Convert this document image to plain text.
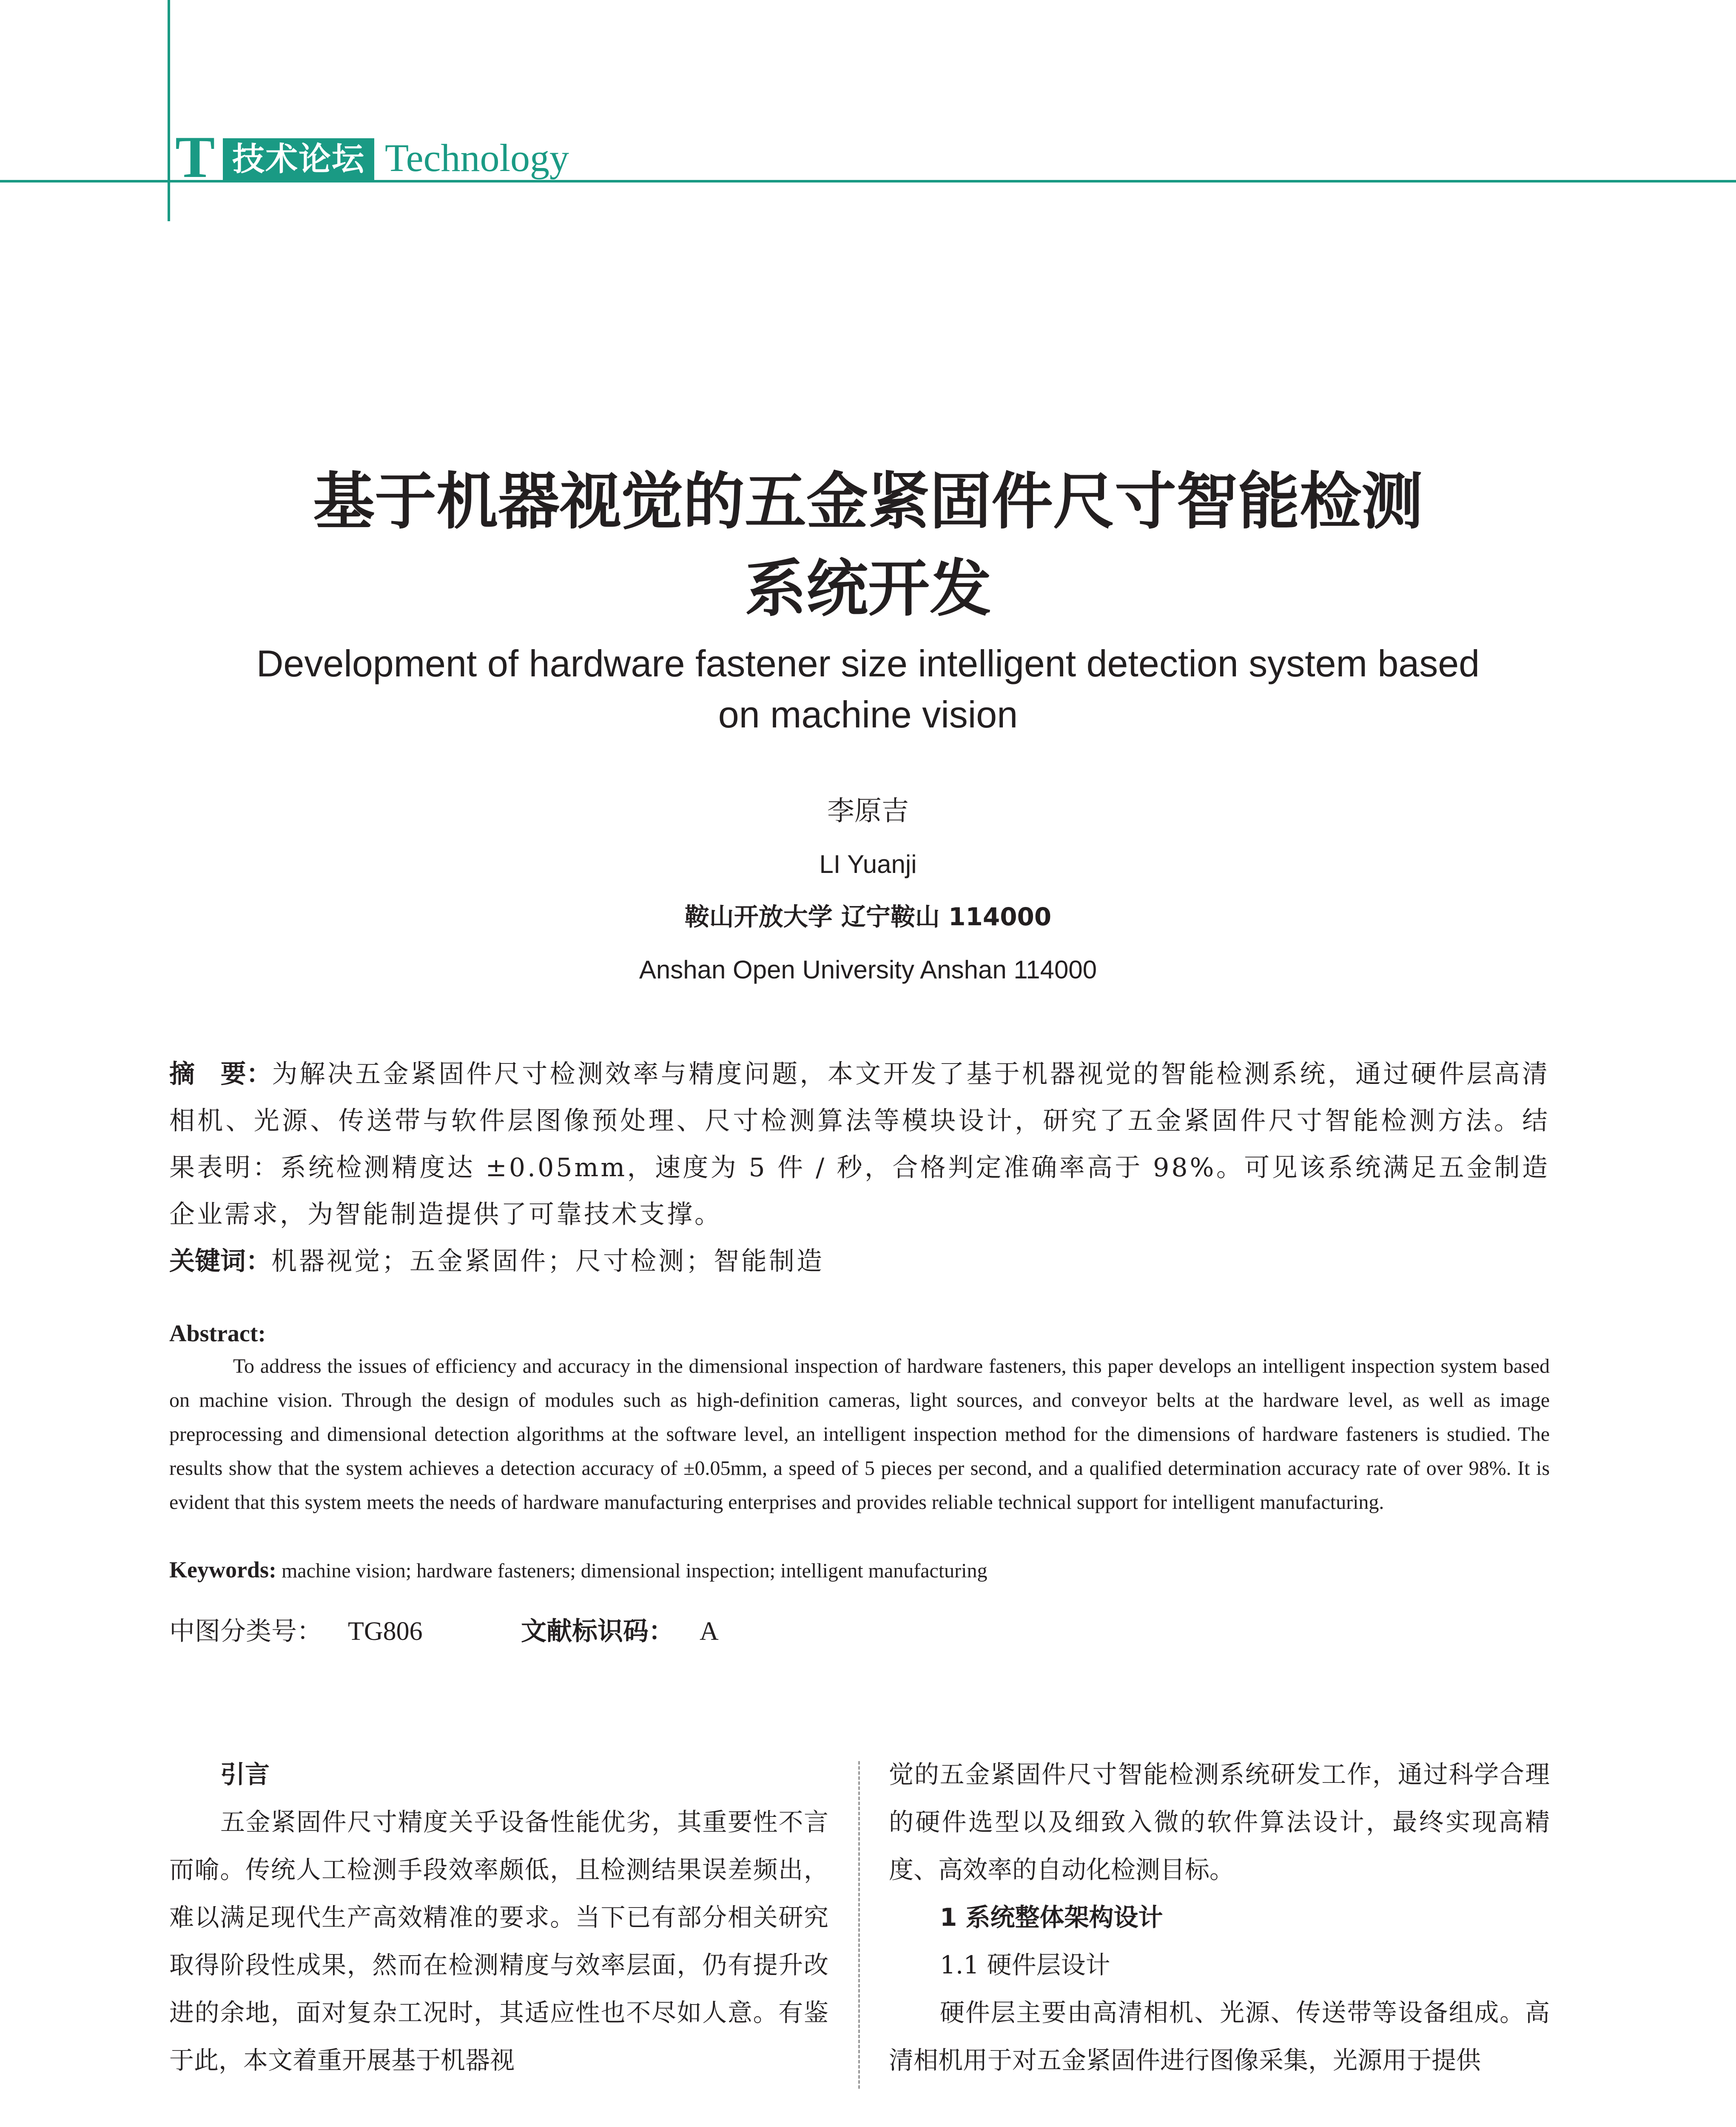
T 技术论坛 Technology
基于机器视觉的五金紧固件尺寸智能检测
系统开发
Development of hardware fastener size intelligent detection system based
on machine vision
李原吉
LI Yuanji
鞍山开放大学 辽宁鞍山 114000
Anshan Open University Anshan 114000
摘　要：为解决五金紧固件尺寸检测效率与精度问题，本文开发了基于机器视觉的智能检测系统，通过硬件层高清相机、光源、传送带与软件层图像预处理、尺寸检测算法等模块设计，研究了五金紧固件尺寸智能检测方法。结果表明：系统检测精度达 ±0.05mm，速度为 5 件 / 秒，合格判定准确率高于 98%。可见该系统满足五金制造企业需求，为智能制造提供了可靠技术支撑。
关键词：机器视觉；五金紧固件；尺寸检测；智能制造
Abstract:
To address the issues of efficiency and accuracy in the dimensional inspection of hardware fasteners, this paper develops an intelligent inspection system based on machine vision. Through the design of modules such as high-definition cameras, light sources, and conveyor belts at the hardware level, as well as image preprocessing and dimensional detection algorithms at the software level, an intelligent inspection method for the dimensions of hardware fasteners is studied. The results show that the system achieves a detection accuracy of ±0.05mm, a speed of 5 pieces per second, and a qualified determination accuracy rate of over 98%. It is evident that this system meets the needs of hardware manufacturing enterprises and provides reliable technical support for intelligent manufacturing.
Keywords: machine vision; hardware fasteners; dimensional inspection; intelligent manufacturing
中图分类号： TG806	文献标识码： A

引言

五金紧固件尺寸精度关乎设备性能优劣，其重要性不言而喻。传统人工检测手段效率颇低，且检测结果误差频出，难以满足现代生产高效精准的要求。当下已有部分相关研究取得阶段性成果，然而在检测精度与效率层面，仍有提升改进的余地，面对复杂工况时，其适应性也不尽如人意。有鉴于此，本文着重开展基于机器视

觉的五金紧固件尺寸智能检测系统研发工作，通过科学合理的硬件选型以及细致入微的软件算法设计，最终实现高精度、高效率的自动化检测目标。

1 系统整体架构设计

1.1 硬件层设计

硬件层主要由高清相机、光源、传送带等设备组成。高清相机用于对五金紧固件进行图像采集，光源用于提供
